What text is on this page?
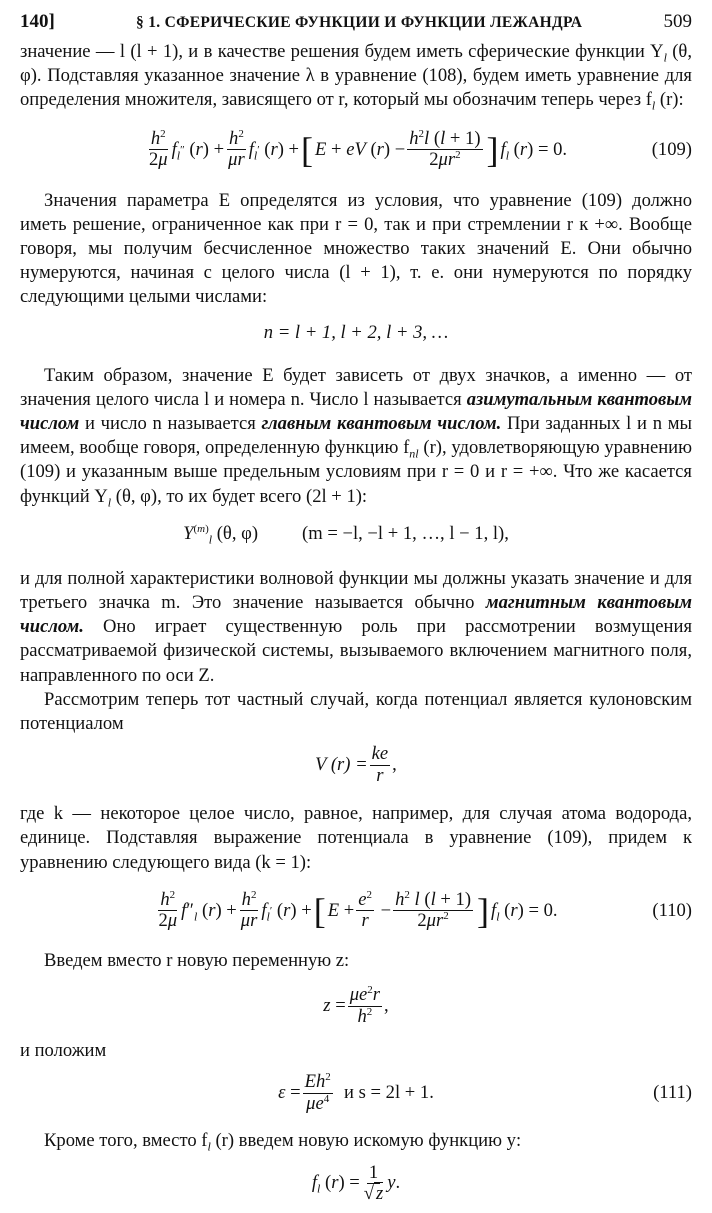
140]	§ 1. СФЕРИЧЕСКИЕ ФУНКЦИИ И ФУНКЦИИ ЛЕЖАНДРА	509

значение — l (l + 1), и в качестве решения будем иметь сферические функции $Y_l$ (θ, φ). Подставляя указанное значение λ в уравнение (108), будем иметь уравнение для определения множителя, зависящего от r, который мы обозначим теперь через $f_l$ (r):

$\frac{h^2}{2\mu}$ f $_l$ ″ ( r ) + $\frac{h^2}{\mu r}$ f $_l$ ′ ( r ) + [ E + eV ( r ) − $\frac{h^2l (l + 1)}{2\mu r^2}$ ] f $_l$ ( r ) = 0.	(109)

Значения параметра E определятся из условия, что уравнение (109) должно иметь решение, ограниченное как при r = 0, так и при стремлении r к +∞. Вообще говоря, мы получим бесчисленное множество таких значений E. Они обычно нумеруются, начиная с целого числа (l + 1), т. е. они нумеруются по порядку следующими целыми числами:

n = l + 1, l + 2, l + 3, …

Таким образом, значение E будет зависеть от двух значков, а именно — от значения целого числа l и номера n. Число l называется азимутальным квантовым числом и число n называется главным квантовым числом. При заданных l и n мы имеем, вообще говоря, определенную функцию $f_{nl}$ (r), удовлетворяющую уравнению (109) и указанным выше предельным условиям при r = 0 и r = +∞. Что же касается функций $Y_l$ (θ, φ), то их будет всего (2l + 1):

$Y^{(m)}_l$ (θ, φ) (m = −l, −l + 1, …, l − 1, l),

и для полной характеристики волновой функции мы должны указать значение и для третьего значка m. Это значение называется обычно магнитным квантовым числом. Оно играет существенную роль при рассмотрении возмущения рассматриваемой физической системы, вызываемого включением магнитного поля, направленного по оси Z.

Рассмотрим теперь тот частный случай, когда потенциал является кулоновским потенциалом

V $(r) = \frac{ke}{r}$ ,

где k — некоторое целое число, равное, например, для случая атома водорода, единице. Подставляя выражение потенциала в уравнение (109), придем к уравнению следующего вида (k = 1):

$\frac{h^2}{2\mu}$ f ″ $_l$ ( r ) + $\frac{h^2}{\mu r}$ f $_l$ ′ ( r ) + [ $E + \frac{e^2}{r} - \frac{h^2 l (l + 1)}{2\mu r^2}$ ] f $_l$ ( r ) = 0.	(110)

Введем вместо r новую переменную z:

$z = \frac{\mu e^2r}{h^2}$ ,

и положим

$\varepsilon = \frac{Eh^2}{\mu e^4}$
и s = 2l + 1.	(111)

Кроме того, вместо $f_l$ (r) введем новую искомую функцию y:

f $_l$ ( r ) = $\frac{1}{√ z}$ y .
